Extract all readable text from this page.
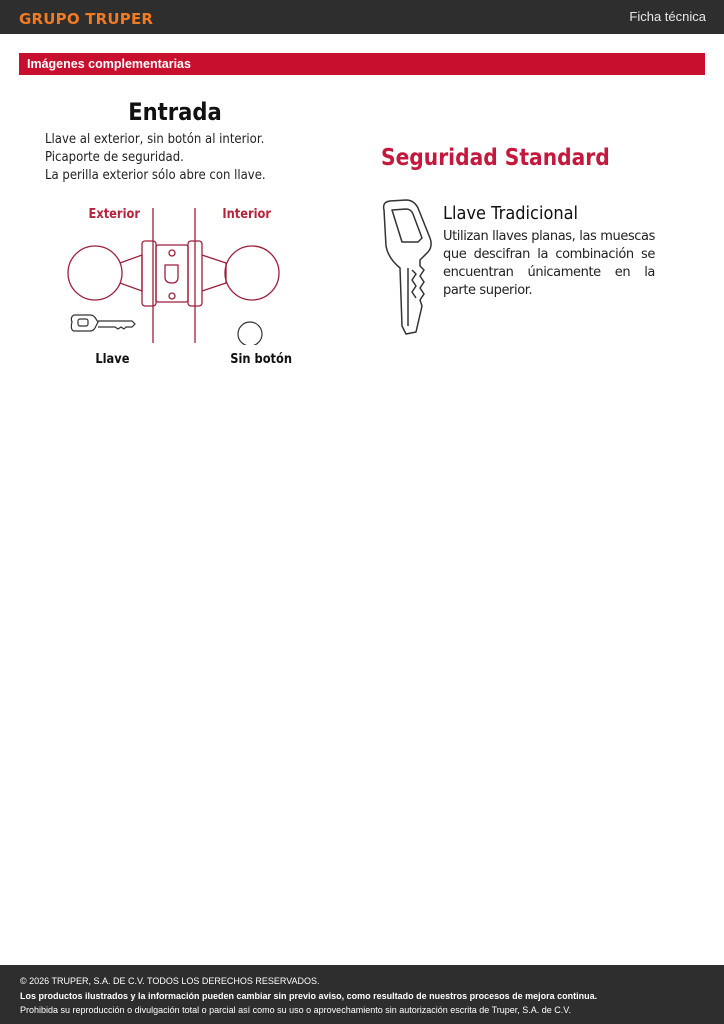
GRUPO TRUPER	Ficha técnica
Imágenes complementarias
Entrada
Llave al exterior, sin botón al interior.
Picaporte de seguridad.
La perilla exterior sólo abre con llave.
Exterior	Interior
Llave	Sin botón
Seguridad Standard
Llave Tradicional
Utilizan llaves planas, las muescas que descifran la combinación se encuentran únicamente en la parte superior.
© 2026 TRUPER, S.A. DE C.V. TODOS LOS DERECHOS RESERVADOS.
Los productos ilustrados y la información pueden cambiar sin previo aviso, como resultado de nuestros procesos de mejora continua.
Prohibida su reproducción o divulgación total o parcial así como su uso o aprovechamiento sin autorización escrita de Truper, S.A. de C.V.
